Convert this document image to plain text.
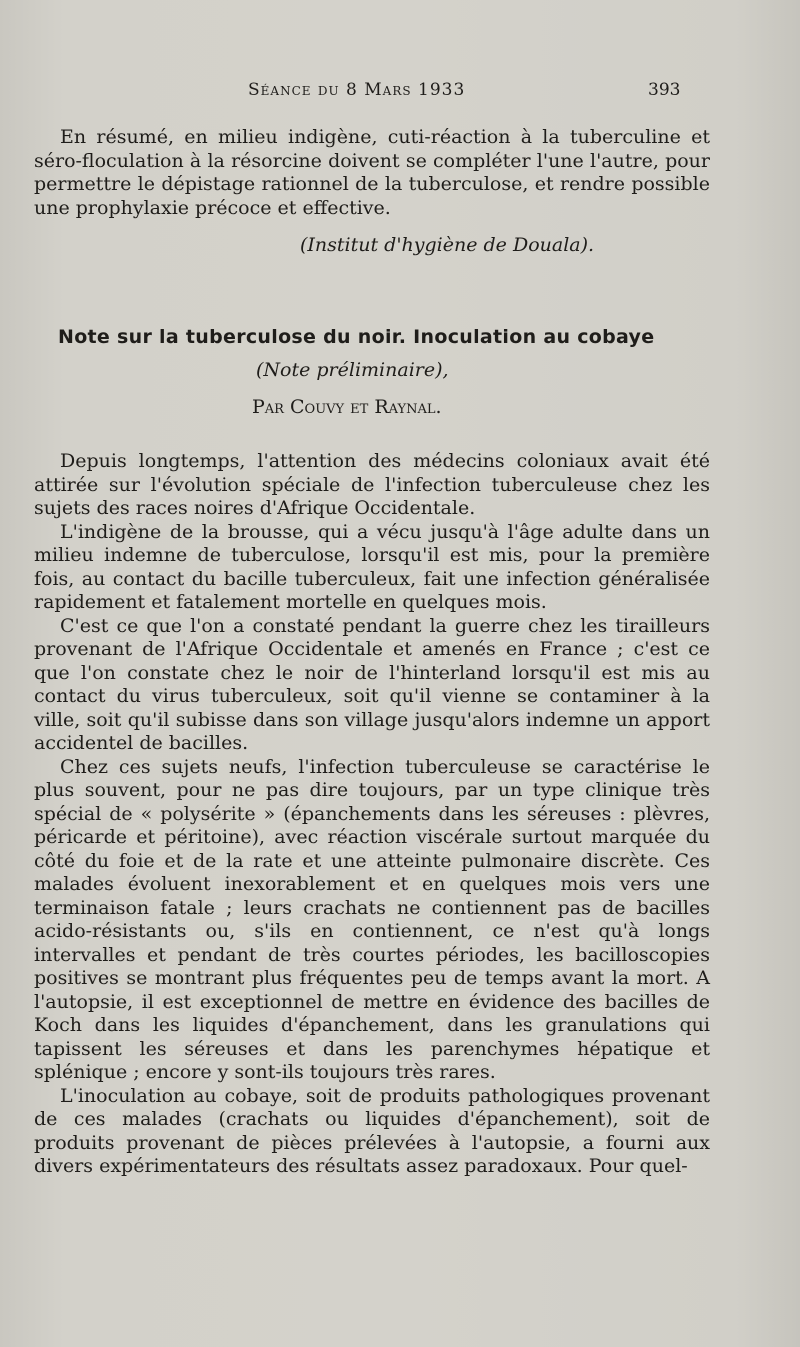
Séance du 8 Mars 1933	393

En résumé, en milieu indigène, cuti-réaction à la tuberculine et séro-floculation à la résorcine doivent se compléter l'une l'autre, pour permettre le dépistage rationnel de la tuberculose, et rendre possible une prophylaxie précoce et effective.

(Institut d'hygiène de Douala).
Note sur la tuberculose du noir. Inoculation au cobaye
(Note préliminaire),
Par Couvy et Raynal.

Depuis longtemps, l'attention des médecins coloniaux avait été attirée sur l'évolution spéciale de l'infection tuberculeuse chez les sujets des races noires d'Afrique Occidentale.

L'indigène de la brousse, qui a vécu jusqu'à l'âge adulte dans un milieu indemne de tuberculose, lorsqu'il est mis, pour la première fois, au contact du bacille tuberculeux, fait une infection généralisée rapidement et fatalement mortelle en quelques mois.

C'est ce que l'on a constaté pendant la guerre chez les tirailleurs provenant de l'Afrique Occidentale et amenés en France ; c'est ce que l'on constate chez le noir de l'hinterland lorsqu'il est mis au contact du virus tuberculeux, soit qu'il vienne se contaminer à la ville, soit qu'il subisse dans son village jusqu'alors indemne un apport accidentel de bacilles.

Chez ces sujets neufs, l'infection tuberculeuse se caractérise le plus souvent, pour ne pas dire toujours, par un type clinique très spécial de « polysérite » (épanchements dans les séreuses : plèvres, péricarde et péritoine), avec réaction viscérale surtout marquée du côté du foie et de la rate et une atteinte pulmonaire discrète. Ces malades évoluent inexorablement et en quelques mois vers une terminaison fatale ; leurs crachats ne contiennent pas de bacilles acido-résistants ou, s'ils en contiennent, ce n'est qu'à longs intervalles et pendant de très courtes périodes, les bacilloscopies positives se montrant plus fréquentes peu de temps avant la mort. A l'autopsie, il est exceptionnel de mettre en évidence des bacilles de Koch dans les liquides d'épanchement, dans les granulations qui tapissent les séreuses et dans les parenchymes hépatique et splénique ; encore y sont-ils toujours très rares.

L'inoculation au cobaye, soit de produits pathologiques provenant de ces malades (crachats ou liquides d'épanchement), soit de produits provenant de pièces prélevées à l'autopsie, a fourni aux divers expérimentateurs des résultats assez paradoxaux. Pour quel-
